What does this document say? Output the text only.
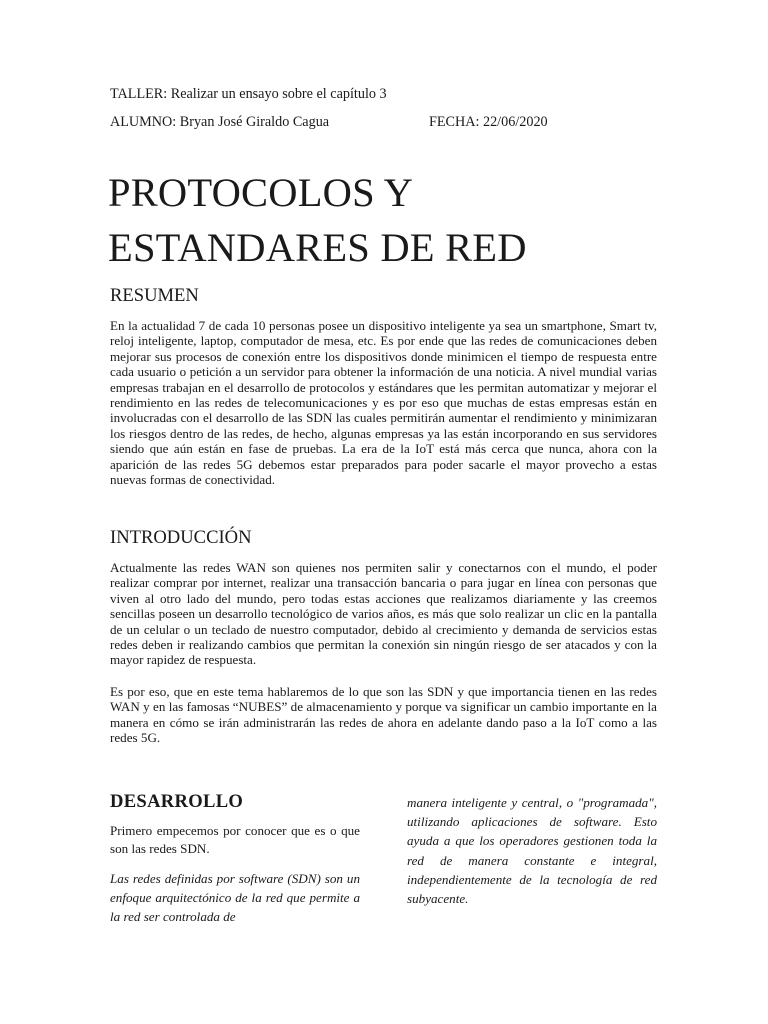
TALLER: Realizar un ensayo sobre el capítulo 3
ALUMNO: Bryan José Giraldo Cagua	FECHA: 22/06/2020
PROTOCOLOS Y
ESTANDARES DE RED
RESUMEN

En la actualidad 7 de cada 10 personas posee un dispositivo inteligente ya sea un smartphone, Smart tv, reloj inteligente, laptop, computador de mesa, etc. Es por ende que las redes de comunicaciones deben mejorar sus procesos de conexión entre los dispositivos donde minimicen el tiempo de respuesta entre cada usuario o petición a un servidor para obtener la información de una noticia. A nivel mundial varias empresas trabajan en el desarrollo de protocolos y estándares que les permitan automatizar y mejorar el rendimiento en las redes de telecomunicaciones y es por eso que muchas de estas empresas están en involucradas con el desarrollo de las SDN las cuales permitirán aumentar el rendimiento y minimizaran los riesgos dentro de las redes, de hecho, algunas empresas ya las están incorporando en sus servidores siendo que aún están en fase de pruebas. La era de la IoT está más cerca que nunca, ahora con la aparición de las redes 5G debemos estar preparados para poder sacarle el mayor provecho a estas nuevas formas de conectividad.

INTRODUCCIÓN

Actualmente las redes WAN son quienes nos permiten salir y conectarnos con el mundo, el poder realizar comprar por internet, realizar una transacción bancaria o para jugar en línea con personas que viven al otro lado del mundo, pero todas estas acciones que realizamos diariamente y las creemos sencillas poseen un desarrollo tecnológico de varios años, es más que solo realizar un clic en la pantalla de un celular o un teclado de nuestro computador, debido al crecimiento y demanda de servicios estas redes deben ir realizando cambios que permitan la conexión sin ningún riesgo de ser atacados y con la mayor rapidez de respuesta.

Es por eso, que en este tema hablaremos de lo que son las SDN y que importancia tienen en las redes WAN y en las famosas “NUBES” de almacenamiento y porque va significar un cambio importante en la manera en cómo se irán administrarán las redes de ahora en adelante dando paso a la IoT como a las redes 5G.

DESARROLLO

Primero empecemos por conocer que es o que son las redes SDN.

Las redes definidas por software (SDN) son un enfoque arquitectónico de la red que permite a la red ser controlada de

manera inteligente y central, o "programada", utilizando aplicaciones de software. Esto ayuda a que los operadores gestionen toda la red de manera constante e integral, independientemente de la tecnología de red subyacente.
